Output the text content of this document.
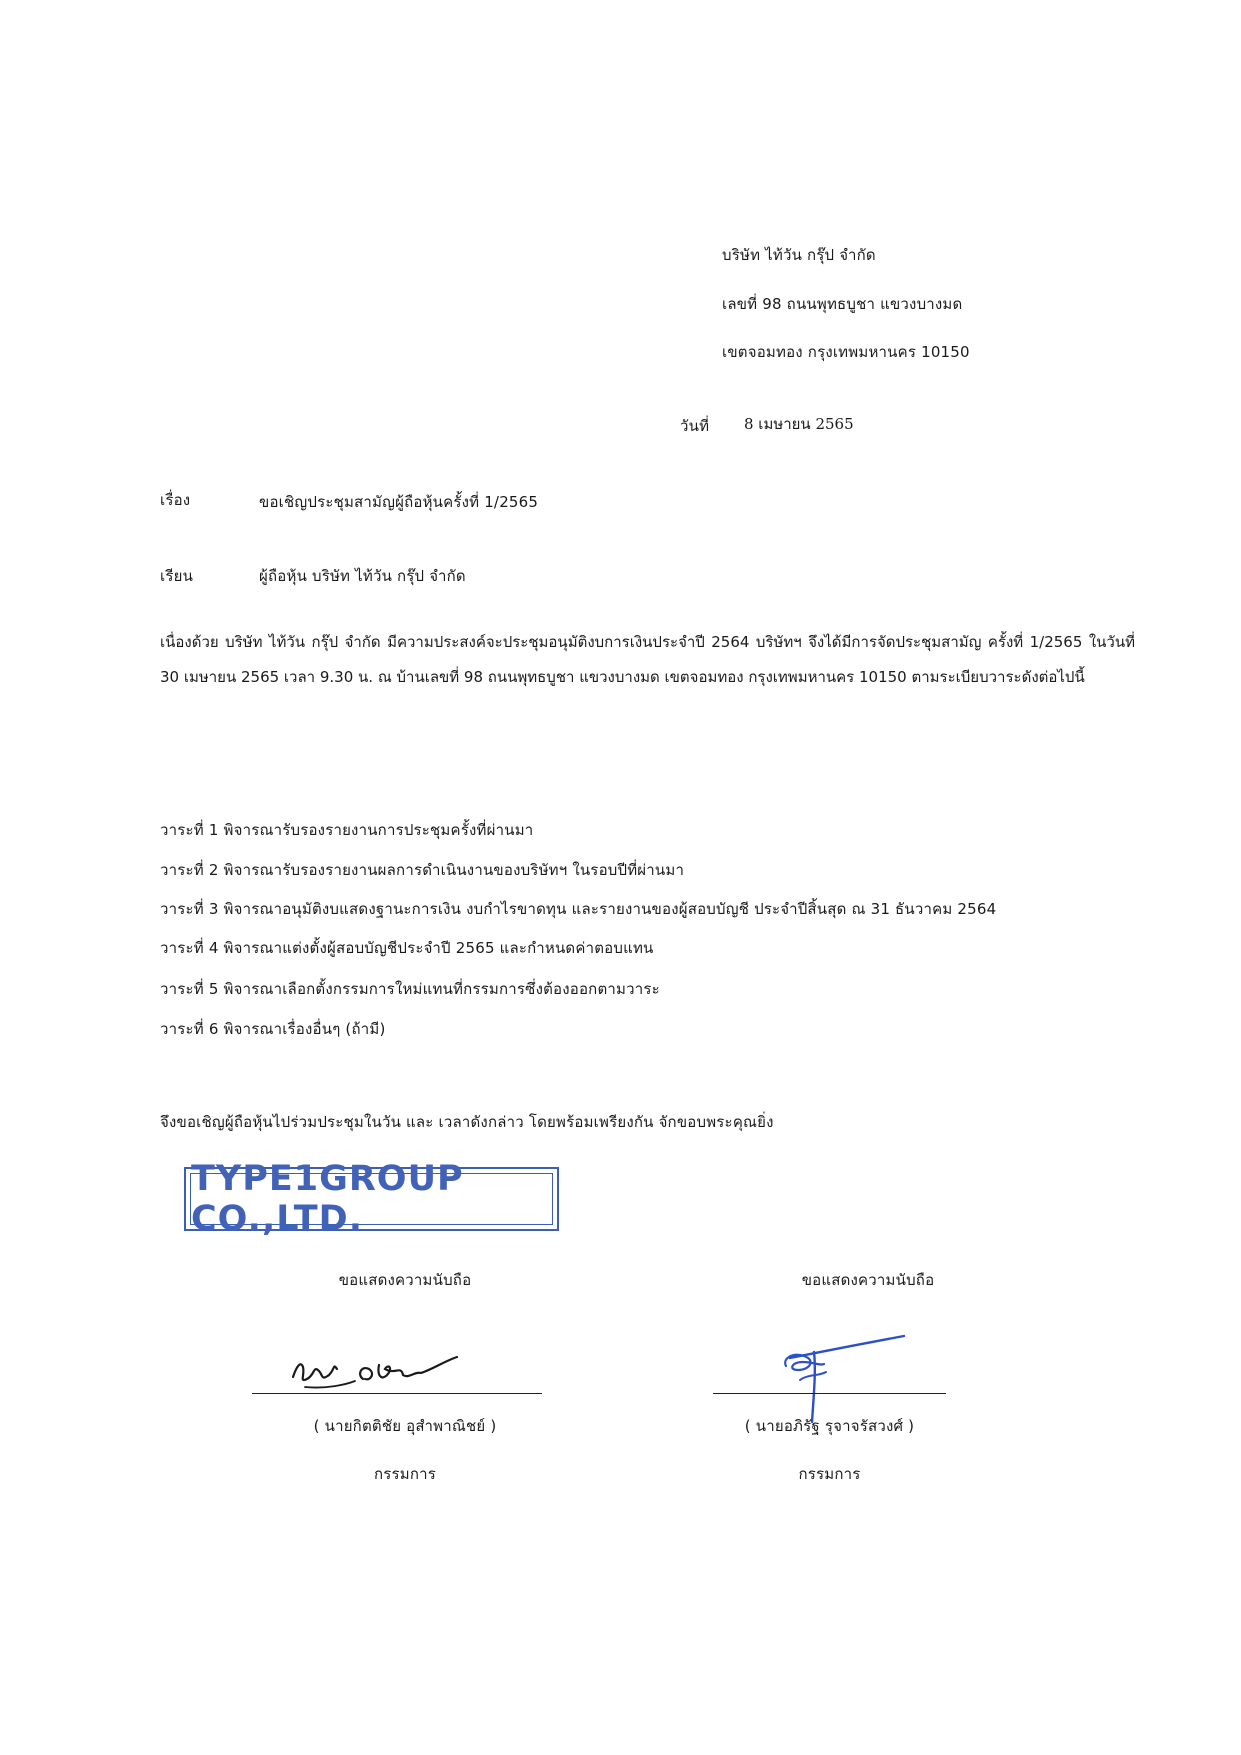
บริษัท ไท้วัน กรุ๊ป จำกัด
เลขที่ 98 ถนนพุทธบูชา แขวงบางมด
เขตจอมทอง กรุงเทพมหานคร 10150
วันที่ 8 เมษายน 2565
เรื่อง	ขอเชิญประชุมสามัญผู้ถือหุ้นครั้งที่ 1/2565
เรียน	ผู้ถือหุ้น บริษัท ไท้วัน กรุ๊ป จำกัด
เนื่องด้วย บริษัท ไท้วัน กรุ๊ป จำกัด มีความประสงค์จะประชุมอนุมัติงบการเงินประจำปี 2564 บริษัทฯ จึงได้มีการจัดประชุมสามัญ ครั้งที่ 1/2565 ในวันที่ 30 เมษายน 2565 เวลา 9.30 น. ณ บ้านเลขที่ 98 ถนนพุทธบูชา แขวงบางมด เขตจอมทอง กรุงเทพมหานคร 10150 ตามระเบียบวาระดังต่อไปนี้
วาระที่ 1 พิจารณารับรองรายงานการประชุมครั้งที่ผ่านมา
วาระที่ 2 พิจารณารับรองรายงานผลการดำเนินงานของบริษัทฯ ในรอบปีที่ผ่านมา
วาระที่ 3 พิจารณาอนุมัติงบแสดงฐานะการเงิน งบกำไรขาดทุน และรายงานของผู้สอบบัญชี ประจำปีสิ้นสุด ณ 31 ธันวาคม 2564
วาระที่ 4 พิจารณาแต่งตั้งผู้สอบบัญชีประจำปี 2565 และกำหนดค่าตอบแทน
วาระที่ 5 พิจารณาเลือกตั้งกรรมการใหม่แทนที่กรรมการซึ่งต้องออกตามวาระ
วาระที่ 6 พิจารณาเรื่องอื่นๆ (ถ้ามี)
จึงขอเชิญผู้ถือหุ้นไปร่วมประชุมในวัน และ เวลาดังกล่าว โดยพร้อมเพรียงกัน จักขอบพระคุณยิ่ง
TYPE1GROUP CO.,LTD.
ขอแสดงความนับถือ
( นายกิตติชัย อุสำพาณิชย์ )
กรรมการ
ขอแสดงความนับถือ
( นายอภิรัฐ รุจาจรัสวงศ์ )
กรรมการ
